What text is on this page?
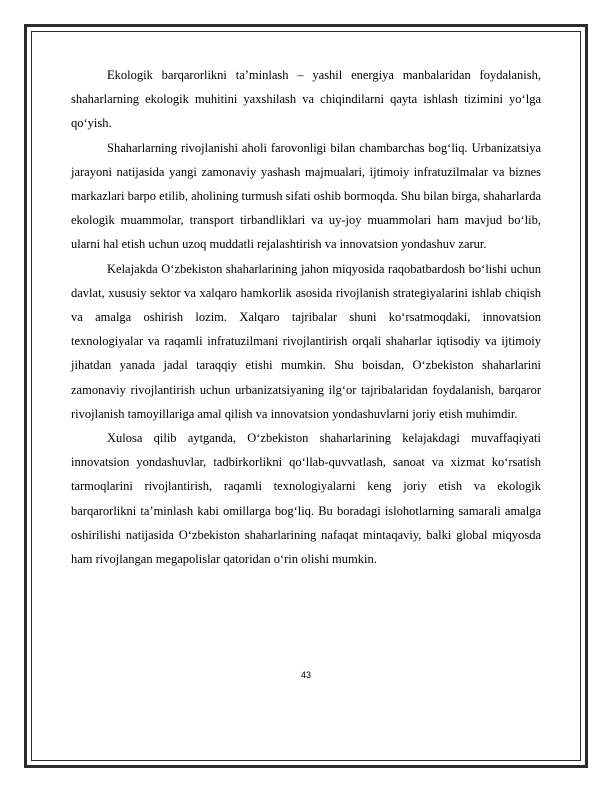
Ekologik barqarorlikni ta’minlash – yashil energiya manbalaridan foydalanish, shaharlarning ekologik muhitini yaxshilash va chiqindilarni qayta ishlash tizimini yo‘lga qo‘yish.

Shaharlarning rivojlanishi aholi farovonligi bilan chambarchas bog‘liq. Urbanizatsiya jarayoni natijasida yangi zamonaviy yashash majmualari, ijtimoiy infratuzilmalar va biznes markazlari barpo etilib, aholining turmush sifati oshib bormoqda. Shu bilan birga, shaharlarda ekologik muammolar, transport tirbandliklari va uy-joy muammolari ham mavjud bo‘lib, ularni hal etish uchun uzoq muddatli rejalashtirish va innovatsion yondashuv zarur.

Kelajakda O‘zbekiston shaharlarining jahon miqyosida raqobatbardosh bo‘lishi uchun davlat, xususiy sektor va xalqaro hamkorlik asosida rivojlanish strategiyalarini ishlab chiqish va amalga oshirish lozim. Xalqaro tajribalar shuni ko‘rsatmoqdaki, innovatsion texnologiyalar va raqamli infratuzilmani rivojlantirish orqali shaharlar iqtisodiy va ijtimoiy jihatdan yanada jadal taraqqiy etishi mumkin. Shu boisdan, O‘zbekiston shaharlarini zamonaviy rivojlantirish uchun urbanizatsiyaning ilg‘or tajribalaridan foydalanish, barqaror rivojlanish tamoyillariga amal qilish va innovatsion yondashuvlarni joriy etish muhimdir.

Xulosa qilib aytganda, O‘zbekiston shaharlarining kelajakdagi muvaffaqiyati innovatsion yondashuvlar, tadbirkorlikni qo‘llab-quvvatlash, sanoat va xizmat ko‘rsatish tarmoqlarini rivojlantirish, raqamli texnologiyalarni keng joriy etish va ekologik barqarorlikni ta’minlash kabi omillarga bog‘liq. Bu boradagi islohotlarning samarali amalga oshirilishi natijasida O‘zbekiston shaharlarining nafaqat mintaqaviy, balki global miqyosda ham rivojlangan megapolislar qatoridan o‘rin olishi mumkin.

43
